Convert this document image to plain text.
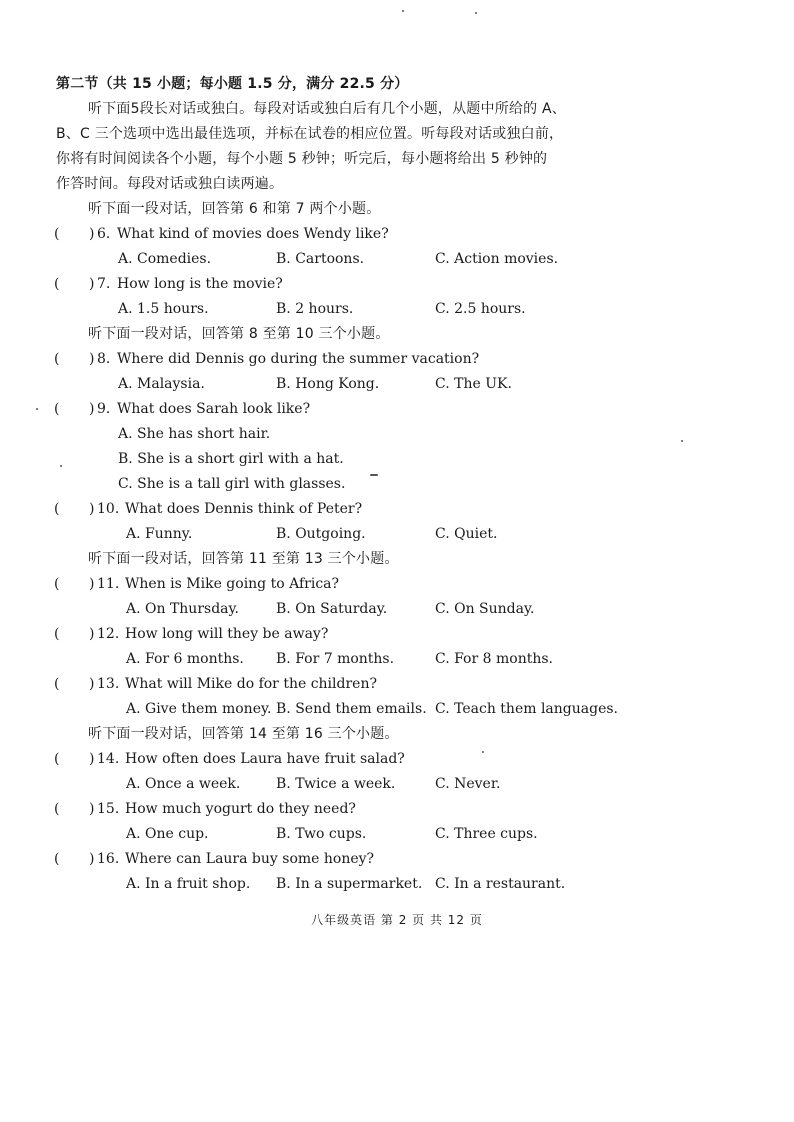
第二节（共 15 小题；每小题 1.5 分，满分 22.5 分）
听下面5段长对话或独白。每段对话或独白后有几个小题，从题中所给的 A、
B、C 三个选项中选出最佳选项，并标在试卷的相应位置。听每段对话或独白前，
你将有时间阅读各个小题，每个小题 5 秒钟；听完后，每小题将给出 5 秒钟的
作答时间。每段对话或独白读两遍。
听下面一段对话，回答第 6 和第 7 两个小题。
( ) 6. What kind of movies does Wendy like?
A. Comedies.	B. Cartoons.	C. Action movies.
( ) 7. How long is the movie?
A. 1.5 hours.	B. 2 hours.	C. 2.5 hours.
听下面一段对话，回答第 8 至第 10 三个小题。
( ) 8. Where did Dennis go during the summer vacation?
A. Malaysia.	B. Hong Kong.	C. The UK.
( ) 9. What does Sarah look like?
A. She has short hair.
B. She is a short girl with a hat.
C. She is a tall girl with glasses.
( ) 10. What does Dennis think of Peter?
A. Funny.	B. Outgoing.	C. Quiet.
听下面一段对话，回答第 11 至第 13 三个小题。
( ) 11. When is Mike going to Africa?
A. On Thursday.	B. On Saturday.	C. On Sunday.
( ) 12. How long will they be away?
A. For 6 months. B. For 7 months.	C. For 8 months.
( ) 13. What will Mike do for the children?
A. Give them money. B. Send them emails. C. Teach them languages.
听下面一段对话，回答第 14 至第 16 三个小题。
( ) 14. How often does Laura have fruit salad?
A. Once a week.	B. Twice a week.	C. Never.
( ) 15. How much yogurt do they need?
A. One cup.	B. Two cups.	C. Three cups.
( ) 16. Where can Laura buy some honey?
A. In a fruit shop. B. In a supermarket. C. In a restaurant.
八年级英语 第 2 页 共 12 页
